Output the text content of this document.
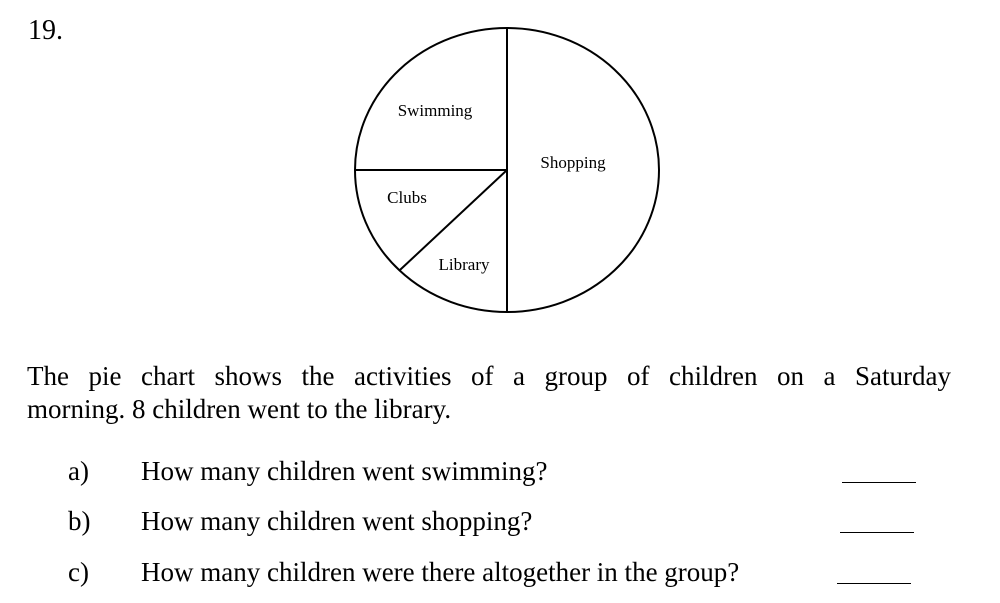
19.
Shopping
Library
Clubs
Swimming
The pie chart shows the activities of a group of children on a Saturday
morning. 8 children went to the library.
a) How many children went swimming?
b) How many children went shopping?
c) How many children were there altogether in the group?
